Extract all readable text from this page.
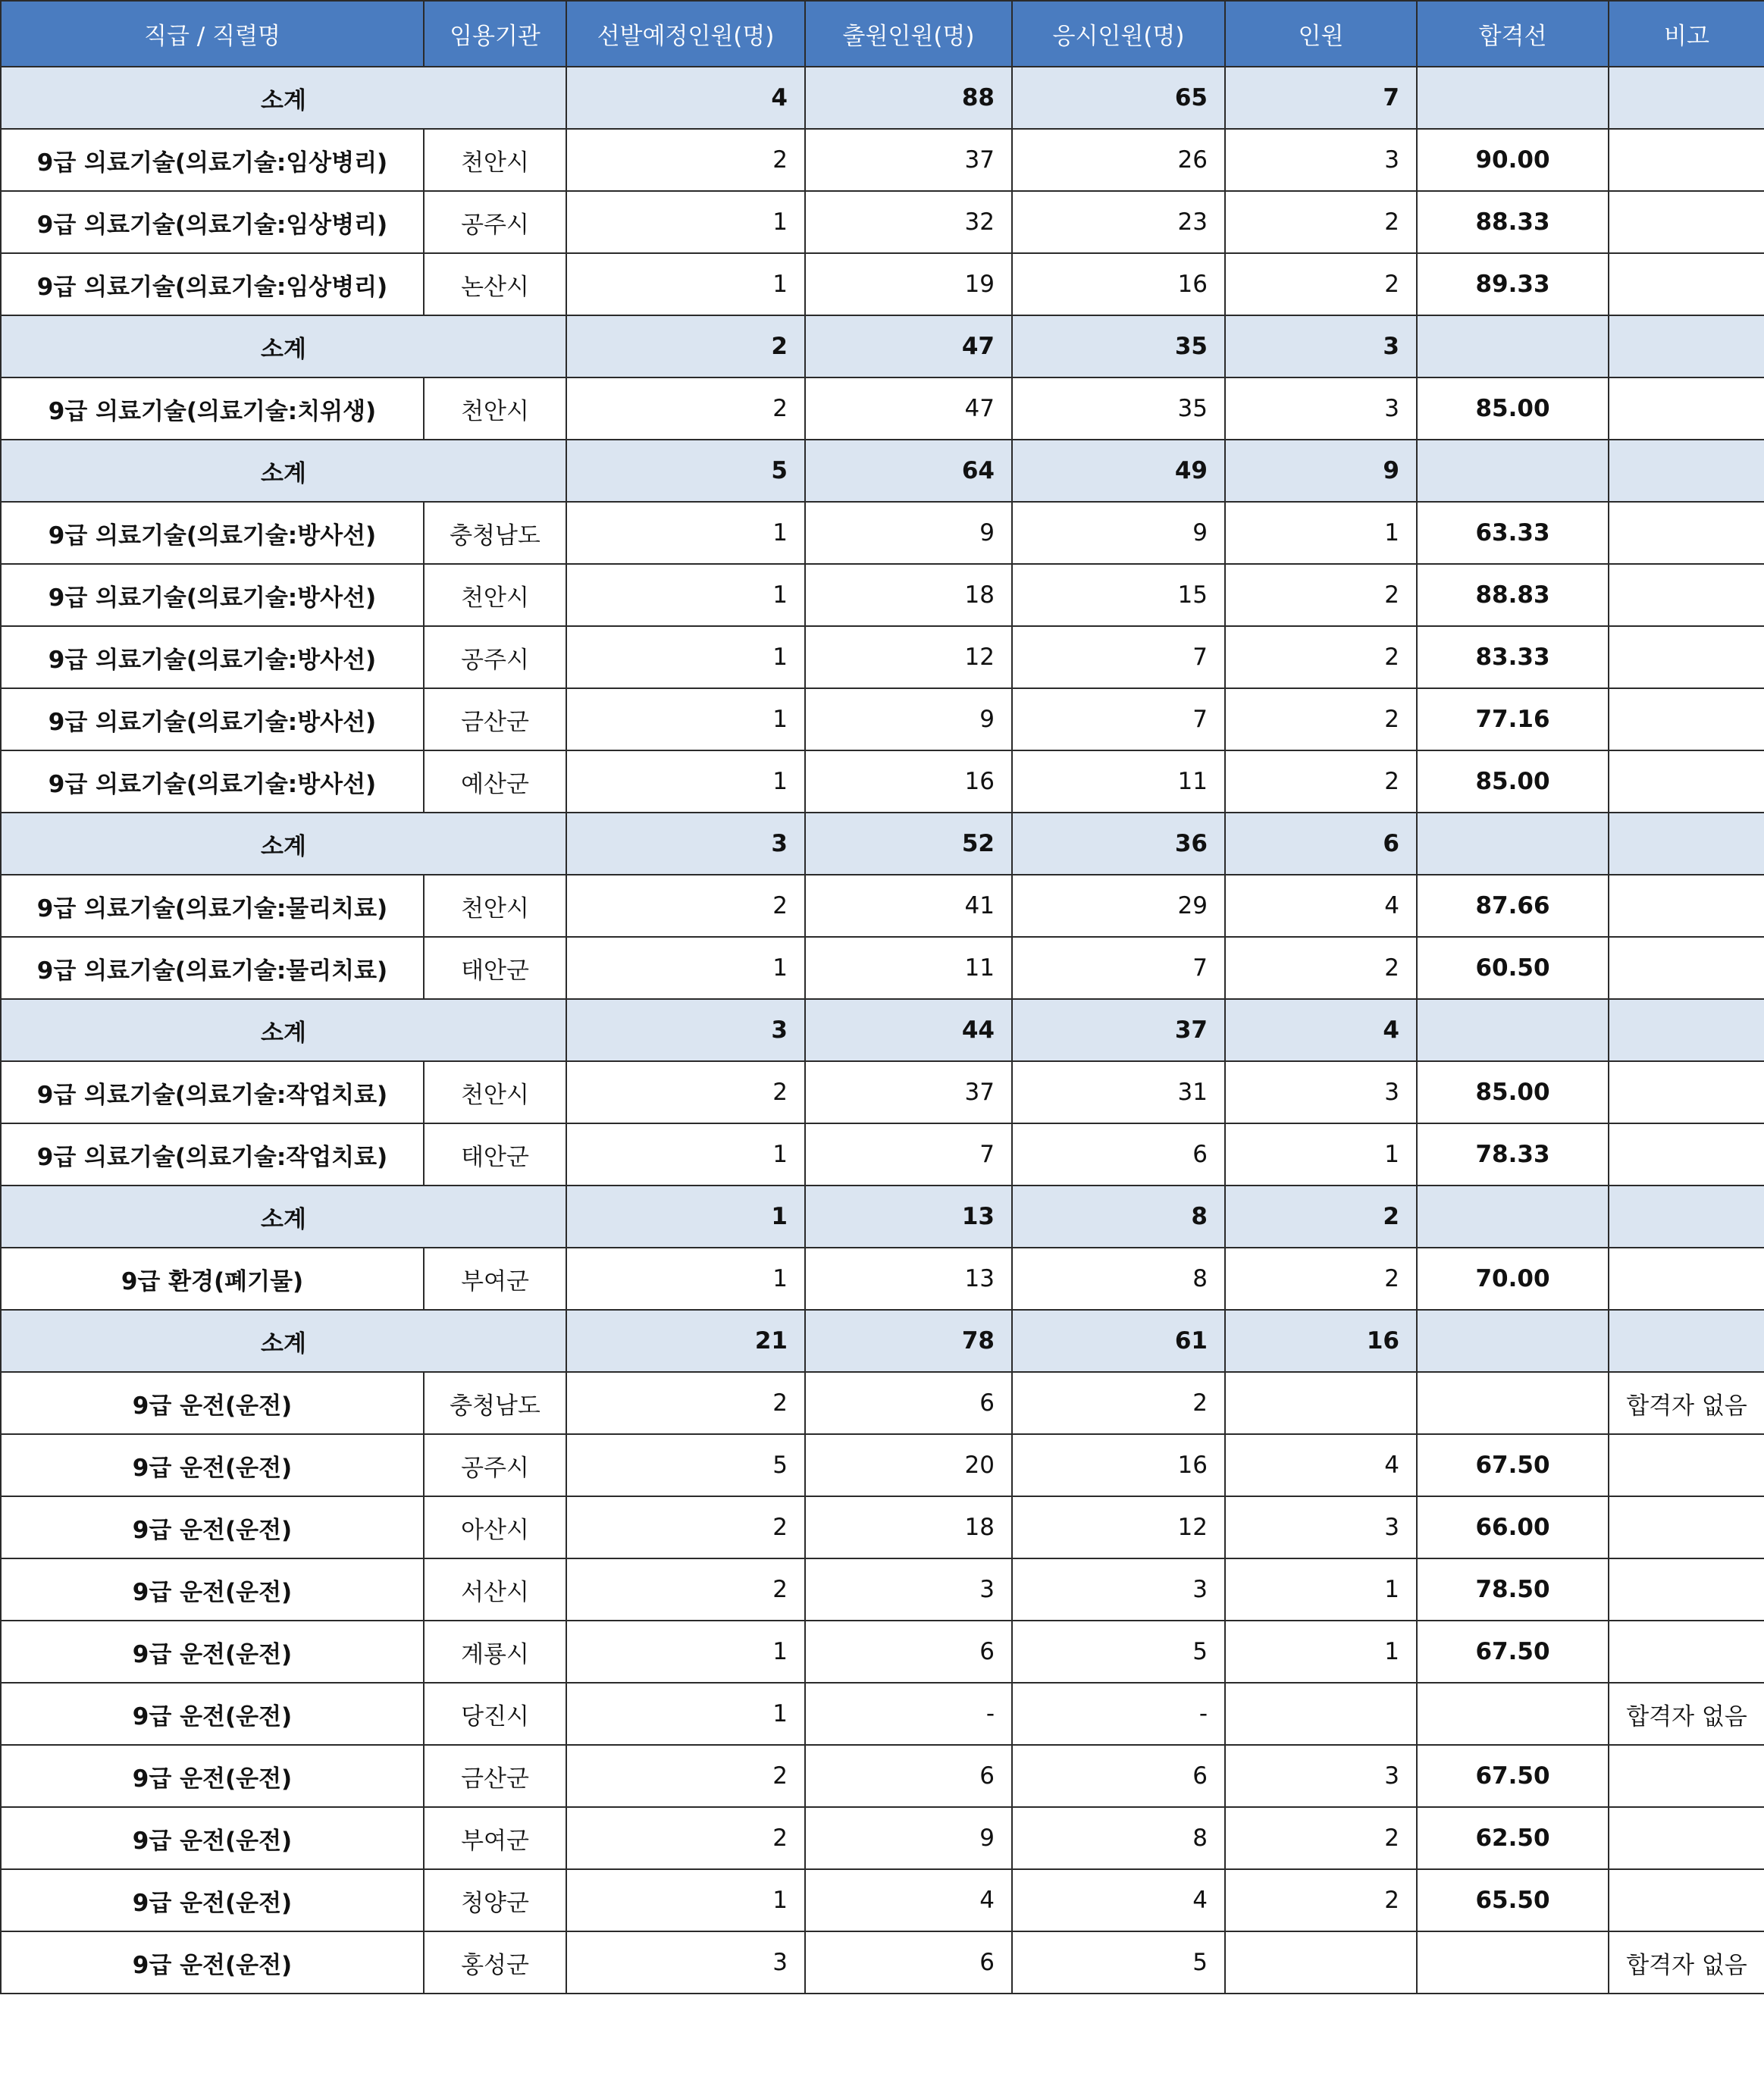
직급 / 직렬명	임용기관	선발예정인원(명)	출원인원(명)	응시인원(명)	인원	합격선	비고
소계		4	88	65	7		
9급 의료기술(의료기술:임상병리)	천안시	2	37	26	3	90.00	
9급 의료기술(의료기술:임상병리)	공주시	1	32	23	2	88.33	
9급 의료기술(의료기술:임상병리)	논산시	1	19	16	2	89.33	
소계		2	47	35	3		
9급 의료기술(의료기술:치위생)	천안시	2	47	35	3	85.00	
소계		5	64	49	9		
9급 의료기술(의료기술:방사선)	충청남도	1	9	9	1	63.33	
9급 의료기술(의료기술:방사선)	천안시	1	18	15	2	88.83	
9급 의료기술(의료기술:방사선)	공주시	1	12	7	2	83.33	
9급 의료기술(의료기술:방사선)	금산군	1	9	7	2	77.16	
9급 의료기술(의료기술:방사선)	예산군	1	16	11	2	85.00	
소계		3	52	36	6		
9급 의료기술(의료기술:물리치료)	천안시	2	41	29	4	87.66	
9급 의료기술(의료기술:물리치료)	태안군	1	11	7	2	60.50	
소계		3	44	37	4		
9급 의료기술(의료기술:작업치료)	천안시	2	37	31	3	85.00	
9급 의료기술(의료기술:작업치료)	태안군	1	7	6	1	78.33	
소계		1	13	8	2		
9급 환경(폐기물)	부여군	1	13	8	2	70.00	
소계		21	78	61	16		
9급 운전(운전)	충청남도	2	6	2			합격자 없음
9급 운전(운전)	공주시	5	20	16	4	67.50	
9급 운전(운전)	아산시	2	18	12	3	66.00	
9급 운전(운전)	서산시	2	3	3	1	78.50	
9급 운전(운전)	계룡시	1	6	5	1	67.50	
9급 운전(운전)	당진시	1	-	-			합격자 없음
9급 운전(운전)	금산군	2	6	6	3	67.50	
9급 운전(운전)	부여군	2	9	8	2	62.50	
9급 운전(운전)	청양군	1	4	4	2	65.50	
9급 운전(운전)	홍성군	3	6	5			합격자 없음
